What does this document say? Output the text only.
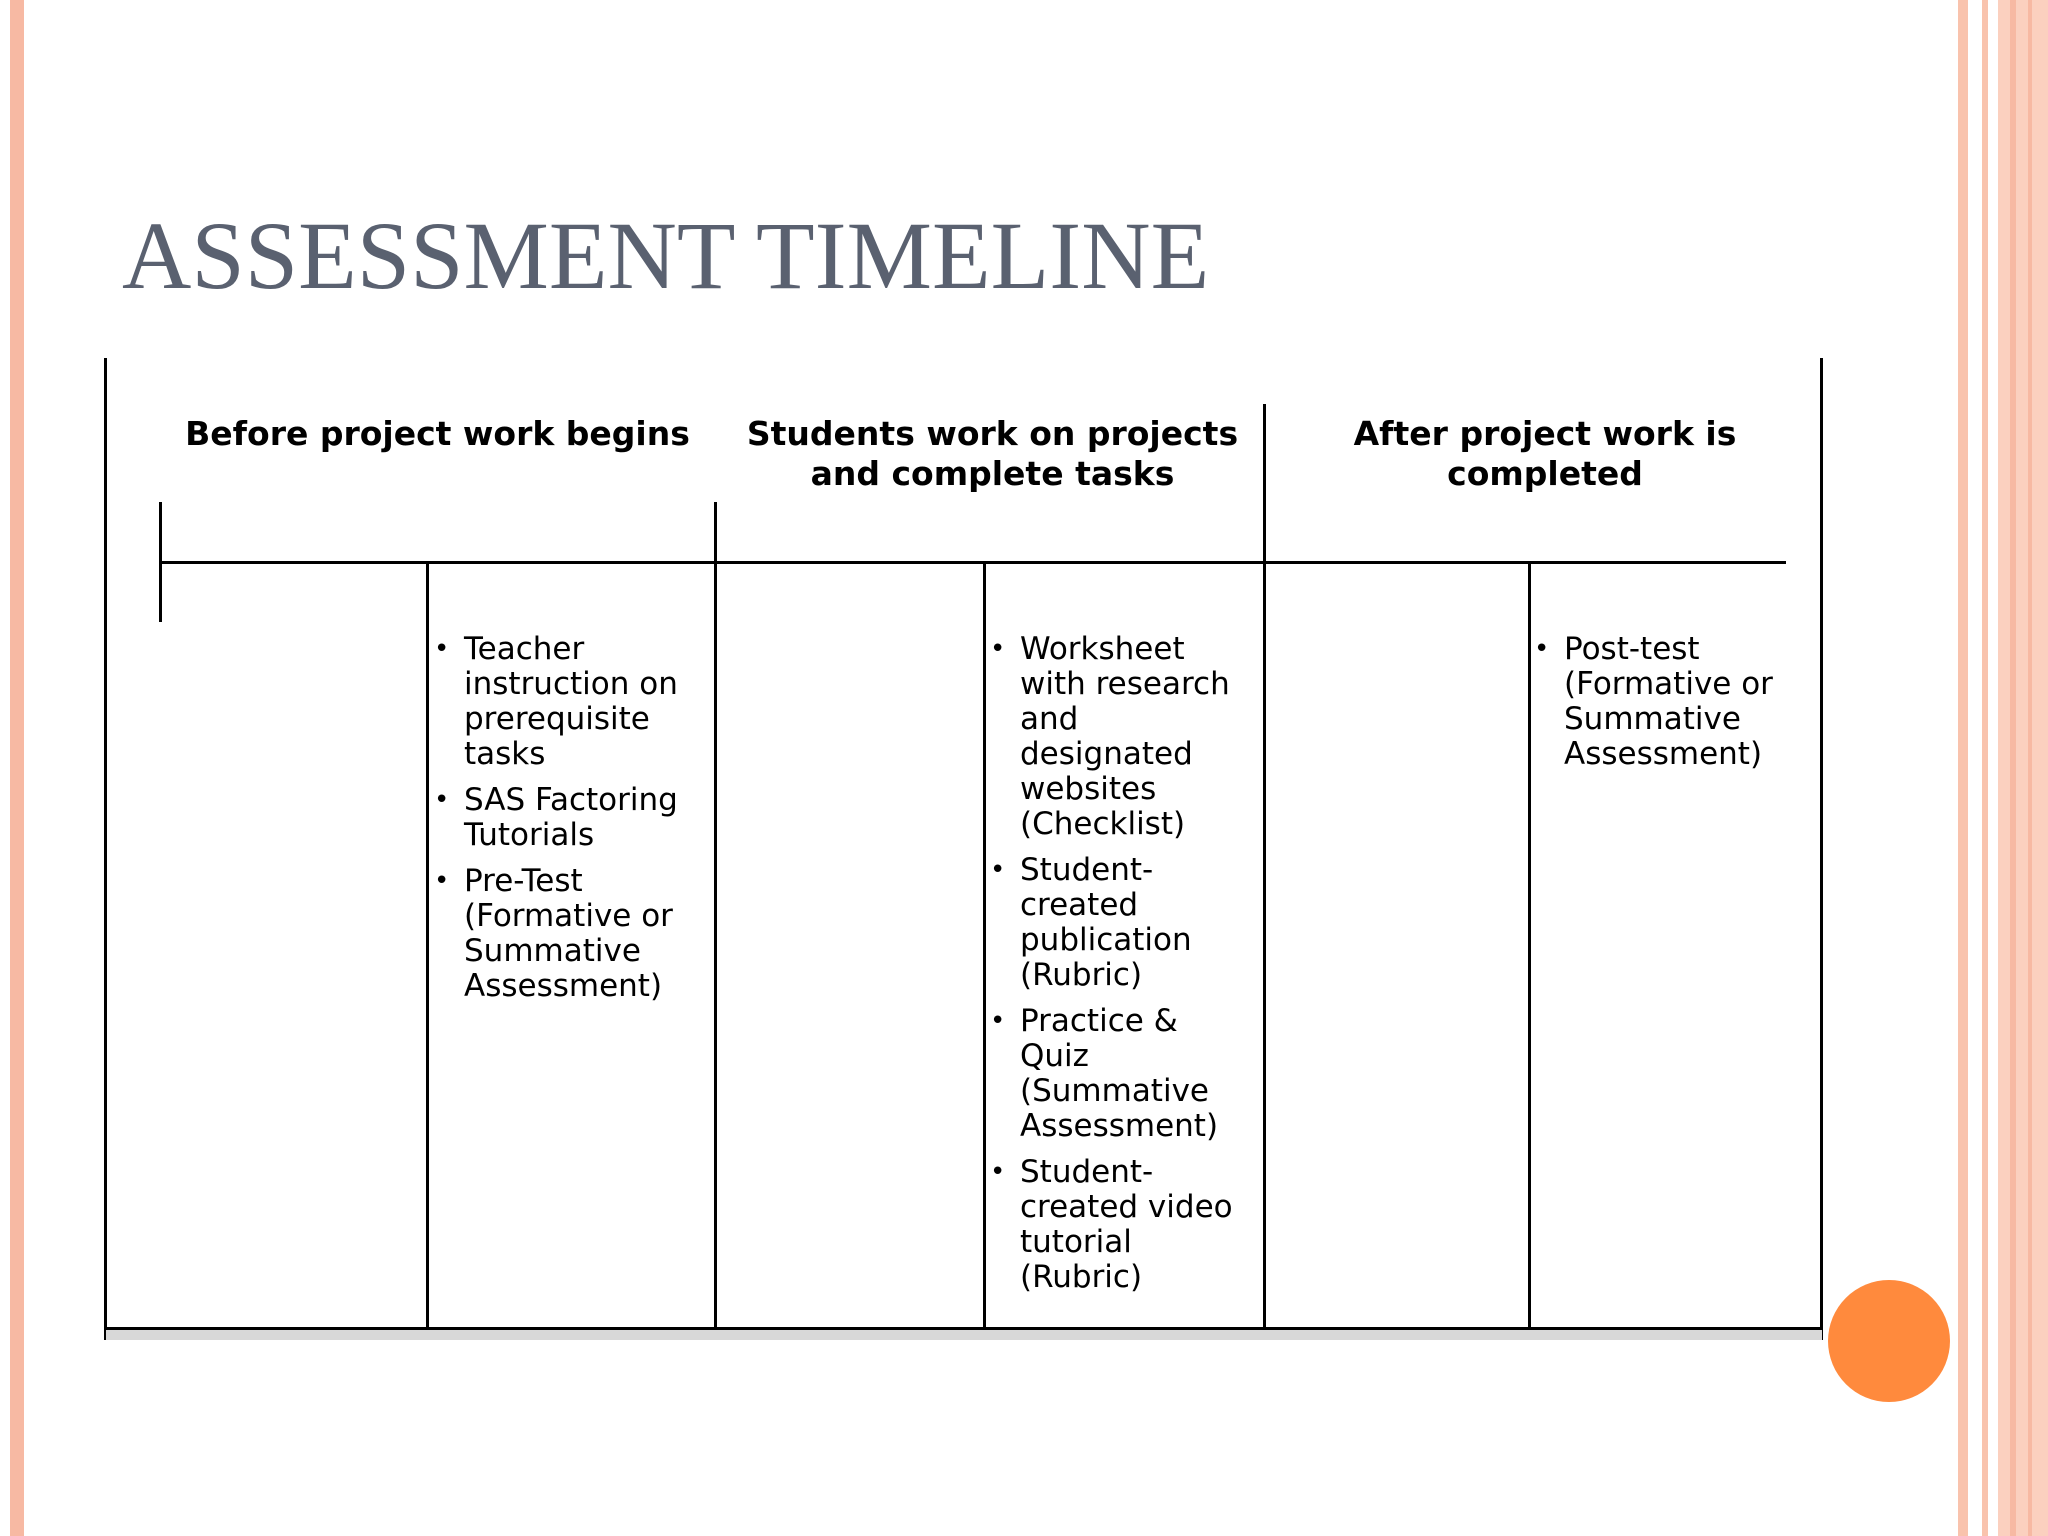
ASSESSMENT TIMELINE
Before project work begins Students work on projects and complete tasks
After project work is completed
• Teacher instruction on prerequisite tasks
• SAS Factoring Tutorials
• Pre-Test (Formative or Summative Assessment)
• Worksheet with research and designated websites (Checklist)
• Student-created publication (Rubric)
• Practice & Quiz (Summative Assessment)
• Student-created video tutorial (Rubric)
• Post-test (Formative or Summative Assessment)
